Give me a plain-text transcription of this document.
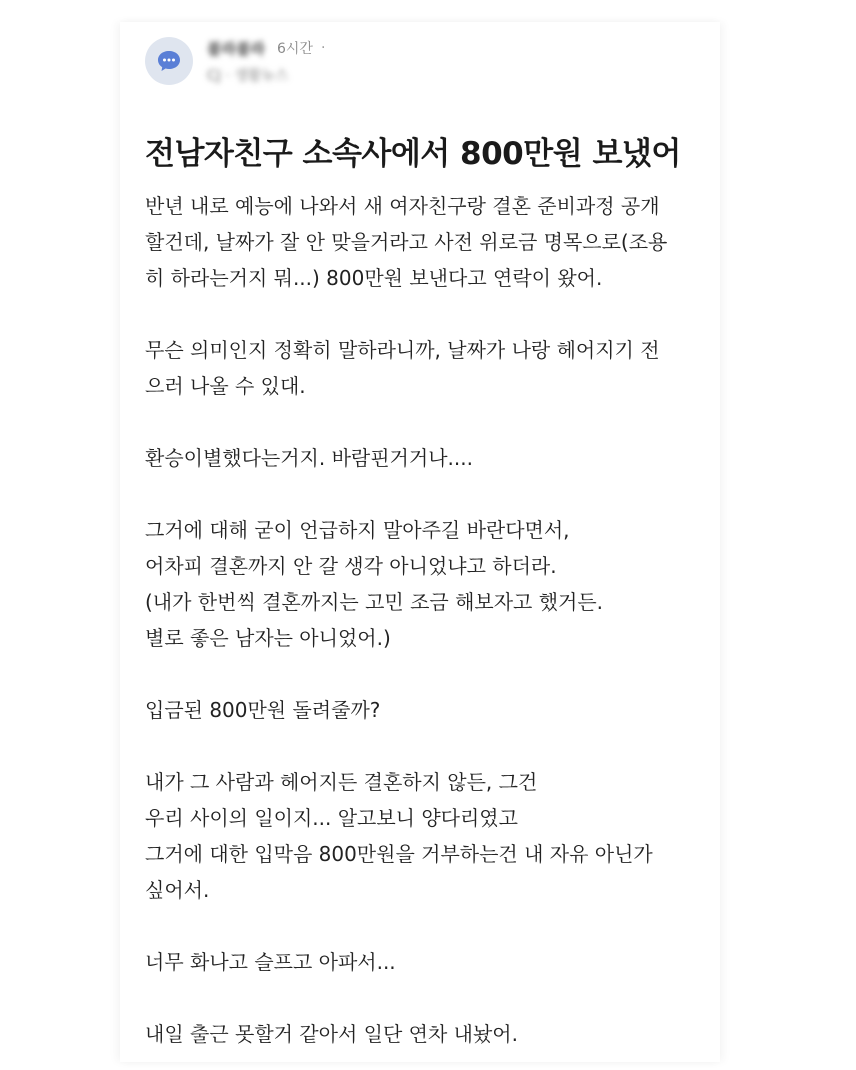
블라블라 6시간 ·
CJ · 생활뉴스
전남자친구 소속사에서 800만원 보냈어

반년 내로 예능에 나와서 새 여자친구랑 결혼 준비과정 공개
할건데, 날짜가 잘 안 맞을거라고 사전 위로금 명목으로(조용
히 하라는거지 뭐...) 800만원 보낸다고 연락이 왔어.

무슨 의미인지 정확히 말하라니까, 날짜가 나랑 헤어지기 전
으러 나올 수 있대.

환승이별했다는거지. 바람핀거거나....

그거에 대해 굳이 언급하지 말아주길 바란다면서,
어차피 결혼까지 안 갈 생각 아니었냐고 하더라.
(내가 한번씩 결혼까지는 고민 조금 해보자고 했거든.
별로 좋은 남자는 아니었어.)

입금된 800만원 돌려줄까?

내가 그 사람과 헤어지든 결혼하지 않든, 그건
우리 사이의 일이지... 알고보니 양다리였고
그거에 대한 입막음 800만원을 거부하는건 내 자유 아닌가
싶어서.

너무 화나고 슬프고 아파서...

내일 출근 못할거 같아서 일단 연차 내놨어.
